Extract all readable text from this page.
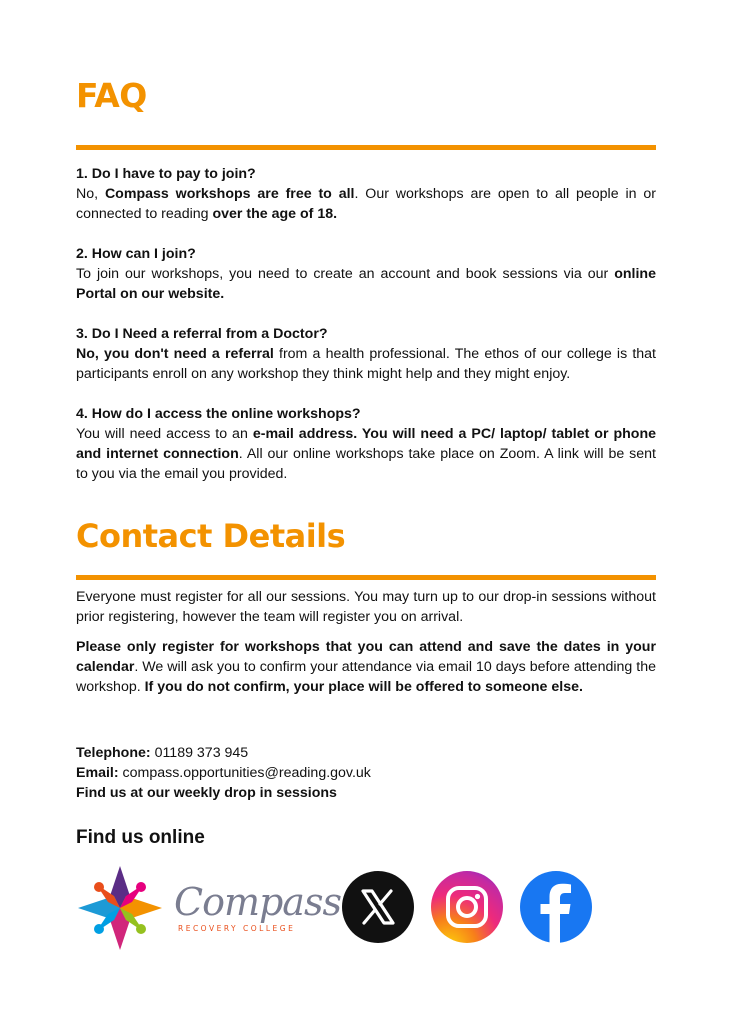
FAQ
1. Do I have to pay to join?
No, Compass workshops are free to all. Our workshops are open to all people in or connected to reading over the age of 18.
2. How can I join?
To join our workshops, you need to create an account and book sessions via our online Portal on our website.
3. Do I Need a referral from a Doctor?
No, you don't need a referral from a health professional. The ethos of our college is that participants enroll on any workshop they think might help and they might enjoy.
4. How do I access the online workshops?
You will need access to an e-mail address. You will need a PC/ laptop/ tablet or phone and internet connection. All our online workshops take place on Zoom. A link will be sent to you via the email you provided.
Contact Details

Everyone must register for all our sessions. You may turn up to our drop-in sessions without prior registering, however the team will register you on arrival.

Please only register for workshops that you can attend and save the dates in your calendar. We will ask you to confirm your attendance via email 10 days before attending the workshop. If you do not confirm, your place will be offered to someone else.

Telephone: 01189 373 945
Email: compass.opportunities@reading.gov.uk
Find us at our weekly drop in sessions
Find us online
Compass
RECOVERY COLLEGE
